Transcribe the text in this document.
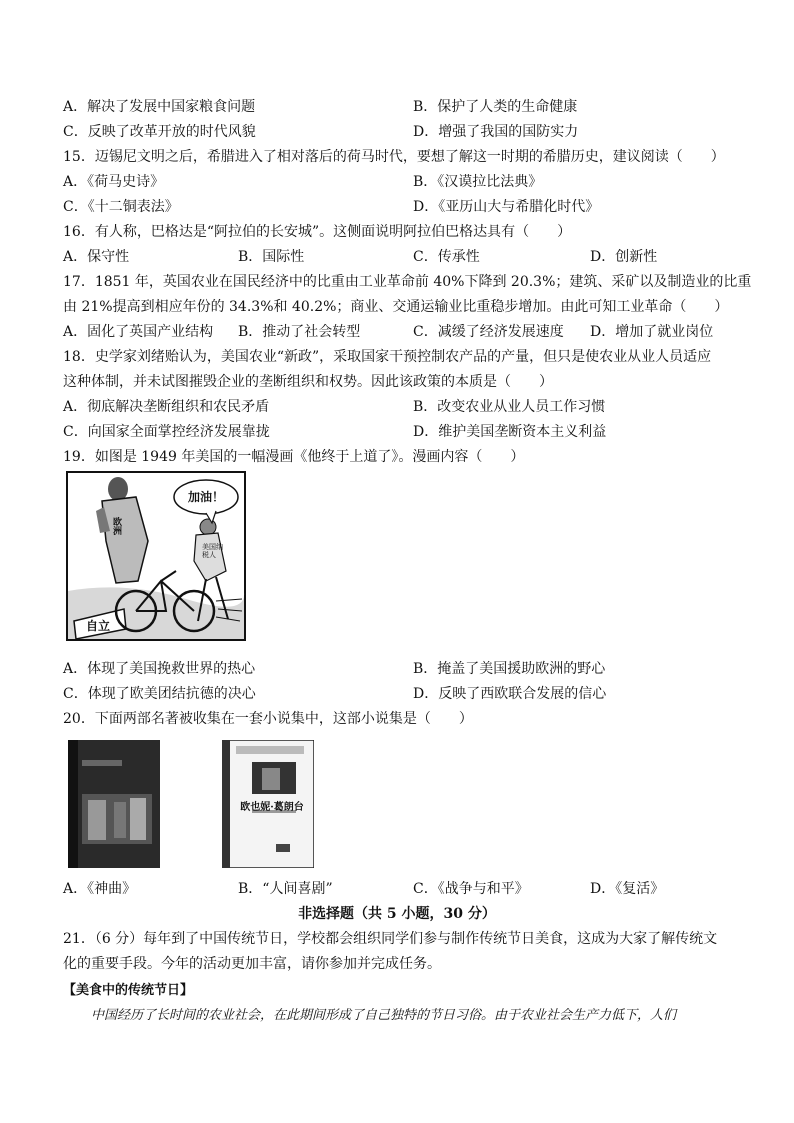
A．解决了发展中国家粮食问题	B．保护了人类的生命健康
C．反映了改革开放的时代风貌	D．增强了我国的国防实力
15．迈锡尼文明之后，希腊进入了相对落后的荷马时代，要想了解这一时期的希腊历史，建议阅读（　　）
A．《荷马史诗》	B．《汉谟拉比法典》
C．《十二铜表法》	D．《亚历山大与希腊化时代》
16．有人称，巴格达是“阿拉伯的长安城”。这侧面说明阿拉伯巴格达具有（　　）
A．保守性	B．国际性	C．传承性	D．创新性
17．1851 年，英国农业在国民经济中的比重由工业革命前 40%下降到 20.3%；建筑、采矿以及制造业的比重
由 21%提高到相应年份的 34.3%和 40.2%；商业、交通运输业比重稳步增加。由此可知工业革命（　　）
A．固化了英国产业结构 B．推动了社会转型	C．减缓了经济发展速度 D．增加了就业岗位
18．史学家刘绪贻认为，美国农业“新政”，采取国家干预控制农产品的产量，但只是使农业从业人员适应
这种体制，并未试图摧毁企业的垄断组织和权势。因此该政策的本质是（　　）
A．彻底解决垄断组织和农民矛盾	B．改变农业从业人员工作习惯
C．向国家全面掌控经济发展靠拢	D．维护美国垄断资本主义利益
19．如图是 1949 年美国的一幅漫画《他终于上道了》。漫画内容（　　）
加油！
欧洲
美国纳税人
自立
A．体现了美国挽救世界的热心	B．掩盖了美国援助欧洲的野心
C．体现了欧美团结抗德的决心	D．反映了西欧联合发展的信心
20．下面两部名著被收集在一套小说集中，这部小说集是（　　）
欧也妮·葛朗台
A．《神曲》	B．“人间喜剧”	C．《战争与和平》	D．《复活》
非选择题（共 5 小题，30 分）
21．（6 分）每年到了中国传统节日，学校都会组织同学们参与制作传统节日美食，这成为大家了解传统文
化的重要手段。今年的活动更加丰富，请你参加并完成任务。
【美食中的传统节日】
中国经历了长时间的农业社会，在此期间形成了自己独特的节日习俗。由于农业社会生产力低下，人们
